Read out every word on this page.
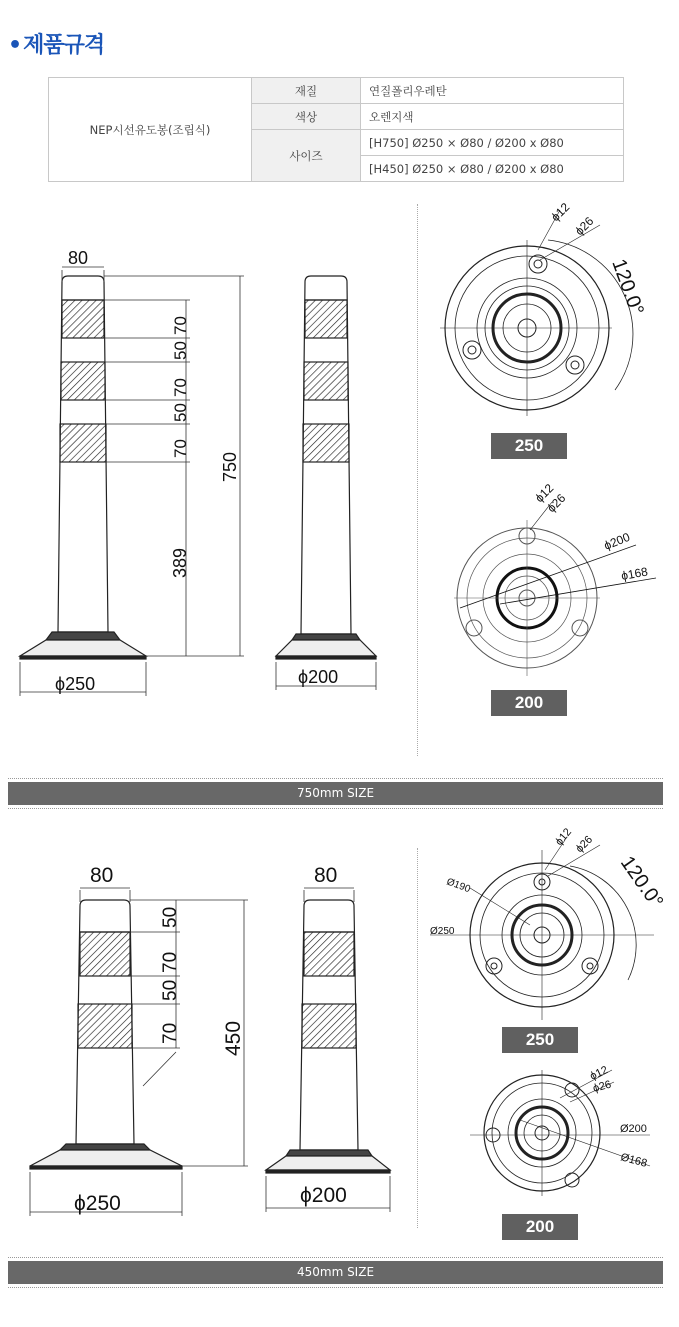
•제품규격
NEP시선유도봉(조립식)	재질	연질폴리우레탄
	색상	오렌지색
	사이즈	[H750] Ø250 × Ø80 / Ø200 x Ø80
		[H450] Ø250 × Ø80 / Ø200 x Ø80
80
70
50
70
50
70
389
750
ϕ250	ϕ200
ϕ12
ϕ26
120.0°
ϕ12
ϕ26
ϕ200
ϕ168
80
50
70
50
70 450
ϕ250
80
ϕ200
ϕ12 ϕ26
Ø190
Ø250
120.0°
ϕ12
ϕ26
Ø200
Ø168
250
200
250
200
750mm SIZE
450mm SIZE
